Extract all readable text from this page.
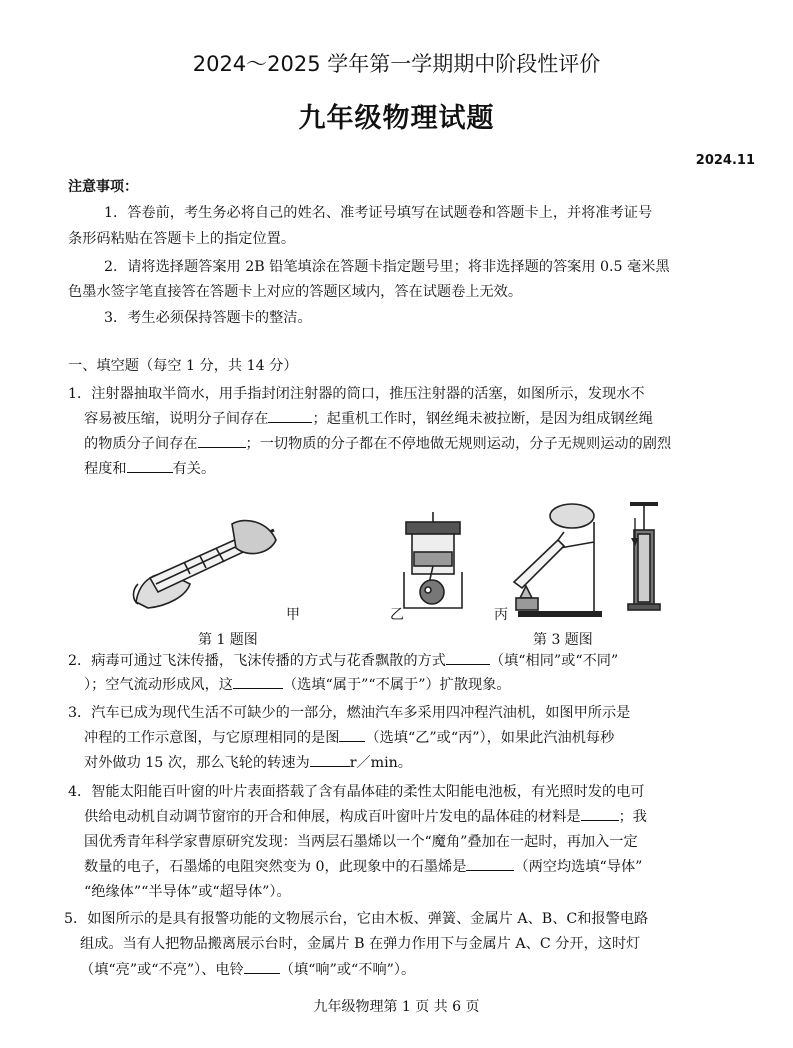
2024～2025 学年第一学期期中阶段性评价
九年级物理试题
2024.11
注意事项：
1．答卷前，考生务必将自己的姓名、准考证号填写在试题卷和答题卡上，并将准考证号
条形码粘贴在答题卡上的指定位置。
2．请将选择题答案用 2B 铅笔填涂在答题卡指定题号里；将非选择题的答案用 0.5 毫米黑
色墨水签字笔直接答在答题卡上对应的答题区域内，答在试题卷上无效。
3．考生必须保持答题卡的整洁。
一、填空题（每空 1 分，共 14 分）
1．注射器抽取半筒水，用手指封闭注射器的筒口，推压注射器的活塞，如图所示，发现水不
容易被压缩，说明分子间存在	；起重机工作时，钢丝绳未被拉断，是因为组成钢丝绳
的物质分子间存在	；一切物质的分子都在不停地做无规则运动，分子无规则运动的剧烈
程度和	有关。
甲	乙	丙
第 1 题图	第 3 题图
2．病毒可通过飞沫传播，飞沫传播的方式与花香飘散的方式	（填“相同”或“不同”
）；空气流动形成风，这	（选填“属于”“不属于”）扩散现象。
3．汽车已成为现代生活不可缺少的一部分，燃油汽车多采用四冲程汽油机，如图甲所示是
冲程的工作示意图，与它原理相同的是图 （选填“乙”或“丙”），如果此汽油机每秒
对外做功 15 次，那么飞轮的转速为	r／min。
4．智能太阳能百叶窗的叶片表面搭载了含有晶体硅的柔性太阳能电池板，有光照时发的电可
供给电动机自动调节窗帘的开合和伸展，构成百叶窗叶片发电的晶体硅的材料是	；我
国优秀青年科学家曹原研究发现：当两层石墨烯以一个“魔角”叠加在一起时，再加入一定
数量的电子，石墨烯的电阻突然变为 0，此现象中的石墨烯是	（两空均选填“导体”
“绝缘体”“半导体”或“超导体”）。
5．如图所示的是具有报警功能的文物展示台，它由木板、弹簧、金属片 A、B、C和报警电路
组成。当有人把物品搬离展示台时，金属片 B 在弹力作用下与金属片 A、C 分开，这时灯
（填“亮”或“不亮”）、电铃	（填“响”或“不响”）。
九年级物理第 1 页 共 6 页
